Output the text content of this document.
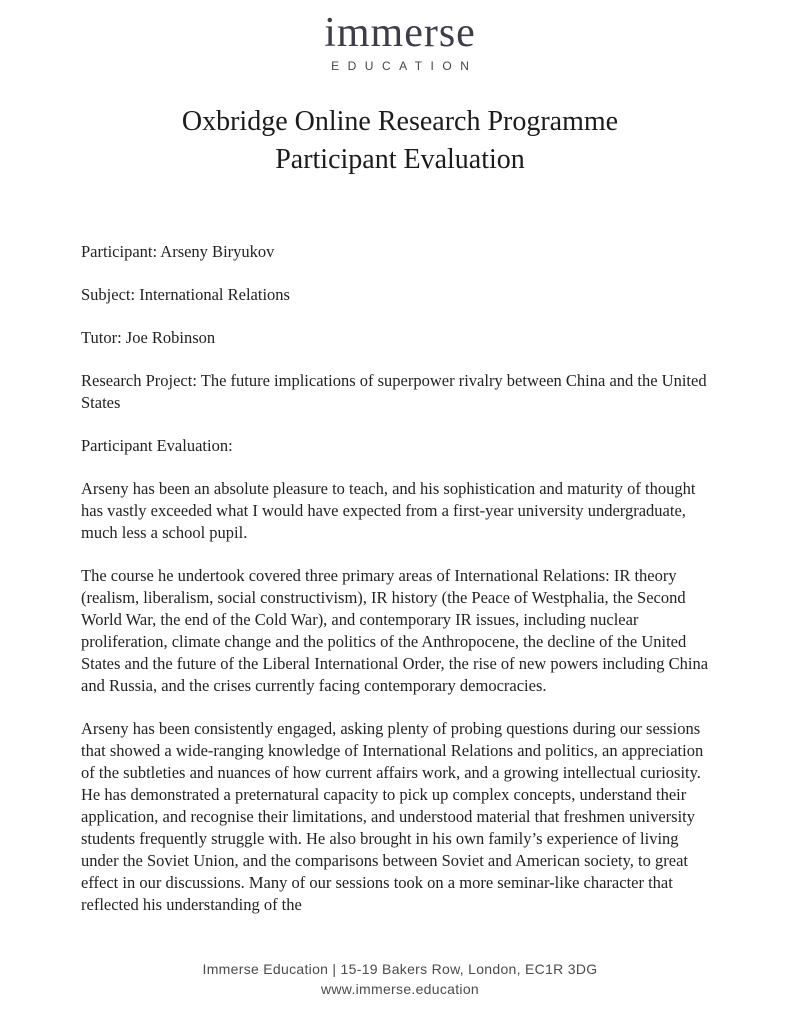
immerse
EDUCATION
Oxbridge Online Research Programme
Participant Evaluation

Participant: Arseny Biryukov

Subject: International Relations

Tutor: Joe Robinson

Research Project: The future implications of superpower rivalry between China and the United States

Participant Evaluation:

Arseny has been an absolute pleasure to teach, and his sophistication and maturity of thought has vastly exceeded what I would have expected from a first-year university undergraduate, much less a school pupil.

The course he undertook covered three primary areas of International Relations: IR theory (realism, liberalism, social constructivism), IR history (the Peace of Westphalia, the Second World War, the end of the Cold War), and contemporary IR issues, including nuclear proliferation, climate change and the politics of the Anthropocene, the decline of the United States and the future of the Liberal International Order, the rise of new powers including China and Russia, and the crises currently facing contemporary democracies.

Arseny has been consistently engaged, asking plenty of probing questions during our sessions that showed a wide-ranging knowledge of International Relations and politics, an appreciation of the subtleties and nuances of how current affairs work, and a growing intellectual curiosity. He has demonstrated a preternatural capacity to pick up complex concepts, understand their application, and recognise their limitations, and understood material that freshmen university students frequently struggle with. He also brought in his own family’s experience of living under the Soviet Union, and the comparisons between Soviet and American society, to great effect in our discussions. Many of our sessions took on a more seminar-like character that reflected his understanding of the

Immerse Education | 15-19 Bakers Row, London, EC1R 3DG
www.immerse.education
